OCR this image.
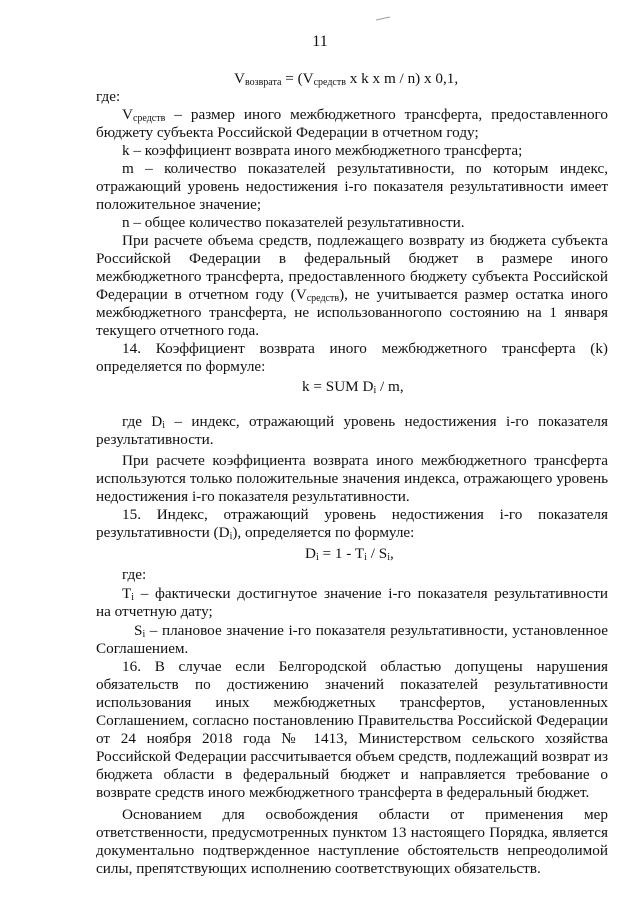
11
$V_{возврата} = (V_{средств}$ x k x m / n) x 0,1,
где:
$V_{средств}$ – размер иного межбюджетного трансферта, предоставленного
бюджету субъекта Российской Федерации в отчетном году;
k – коэффициент возврата иного межбюджетного трансферта;
m – количество показателей результативности, по которым индекс,
отражающий уровень недостижения i-го показателя результативности имеет
положительное значение;
n – общее количество показателей результативности.
При расчете объема средств, подлежащего возврату из бюджета субъекта
Российской Федерации в федеральный бюджет в размере иного
межбюджетного трансферта, предоставленного бюджету субъекта Российской
Федерации в отчетном году $(V_{средств})$, не учитывается размер остатка иного
межбюджетного трансферта, не использованногопо состоянию на 1 января
текущего отчетного года.
14. Коэффициент возврата иного межбюджетного трансферта (k)
определяется по формуле:
k = SUM $D_i$ / m,
где $D_i$ – индекс, отражающий уровень недостижения i-го показателя
результативности.
При расчете коэффициента возврата иного межбюджетного трансферта
используются только положительные значения индекса, отражающего уровень
недостижения i-го показателя результативности.
15. Индекс, отражающий уровень недостижения i-го показателя
результативности $(D_i)$, определяется по формуле:
$D_i = 1 - T_i / S_i$,
где:
$T_i$ – фактически достигнутое значение i-го показателя результативности
на отчетную дату;
$S_i$ – плановое значение i-го показателя результативности, установленное
Соглашением.
16. В случае если Белгородской областью допущены нарушения
обязательств по достижению значений показателей результативности
использования иных межбюджетных трансфертов, установленных
Соглашением, согласно постановлению Правительства Российской Федерации
от 24 ноября 2018 года № 1413, Министерством сельского хозяйства
Российской Федерации рассчитывается объем средств, подлежащий возврат из
бюджета области в федеральный бюджет и направляется требование о
возврате средств иного межбюджетного трансферта в федеральный бюджет.
Основанием для освобождения области от применения мер
ответственности, предусмотренных пунктом 13 настоящего Порядка, является
документально подтвержденное наступление обстоятельств непреодолимой
силы, препятствующих исполнению соответствующих обязательств.
